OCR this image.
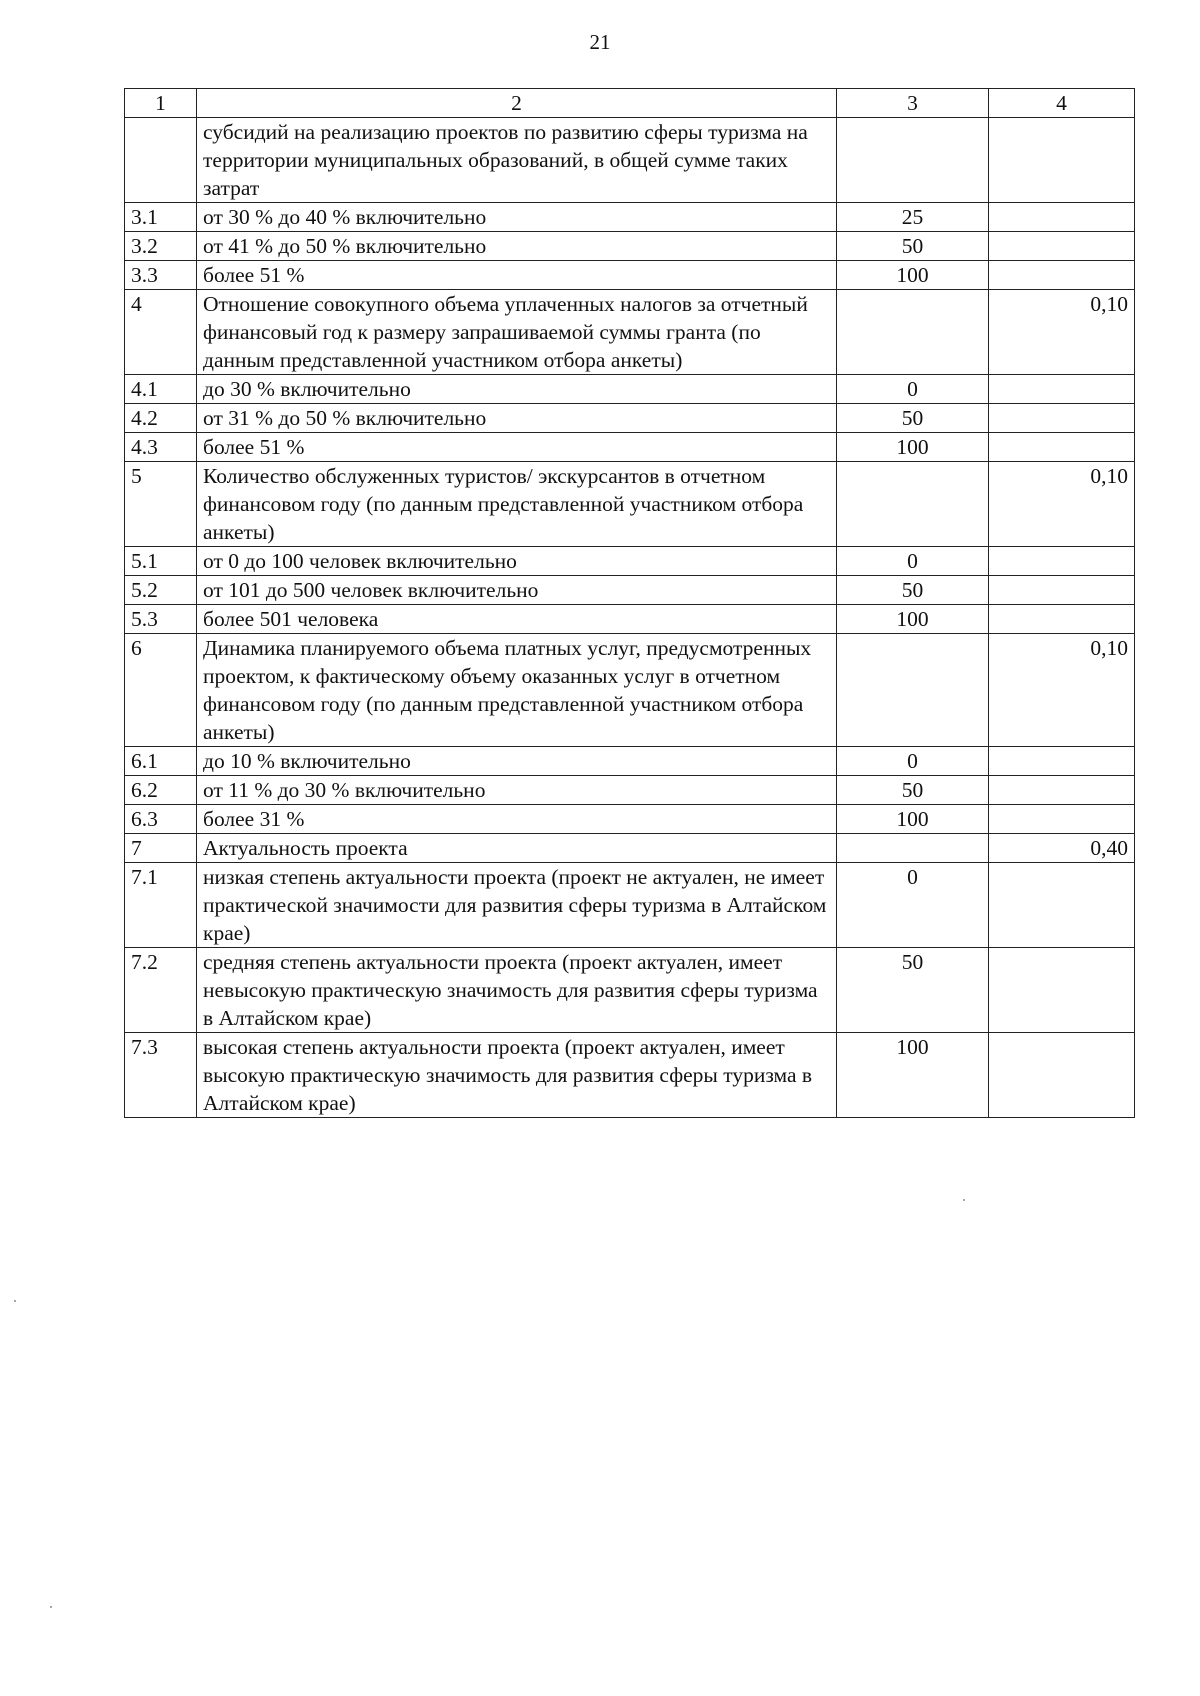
21
1	2	3	4
	субсидий на реализацию проектов по развитию сферы туризма на территории муниципальных образований, в общей сумме таких затрат		
3.1	от 30 % до 40 % включительно	25	
3.2	от 41 % до 50 % включительно	50	
3.3	более 51 %	100	
4	Отношение совокупного объема уплаченных налогов за отчетный финансовый год к размеру запрашиваемой суммы гранта (по данным представленной участником отбора анкеты)		0,10
4.1	до 30 % включительно	0	
4.2	от 31 % до 50 % включительно	50	
4.3	более 51 %	100	
5	Количество обслуженных туристов/ экскурсантов в отчетном финансовом году (по данным представленной участником отбора анкеты)		0,10
5.1	от 0 до 100 человек включительно	0	
5.2	от 101 до 500 человек включительно	50	
5.3	более 501 человека	100	
6	Динамика планируемого объема платных услуг, предусмотренных проектом, к фактическому объему оказанных услуг в отчетном финансовом году (по данным представленной участником отбора анкеты)		0,10
6.1	до 10 % включительно	0	
6.2	от 11 % до 30 % включительно	50	
6.3	более 31 %	100	
7	Актуальность проекта		0,40
7.1	низкая степень актуальности проекта (проект не актуален, не имеет практической значимости для развития сферы туризма в Алтайском крае)	0	
7.2	средняя степень актуальности проекта (проект актуален, имеет невысокую практическую значимость для развития сферы туризма в Алтайском крае)	50	
7.3	высокая степень актуальности проекта (проект актуален, имеет высокую практическую значимость для развития сферы туризма в Алтайском крае)	100	
